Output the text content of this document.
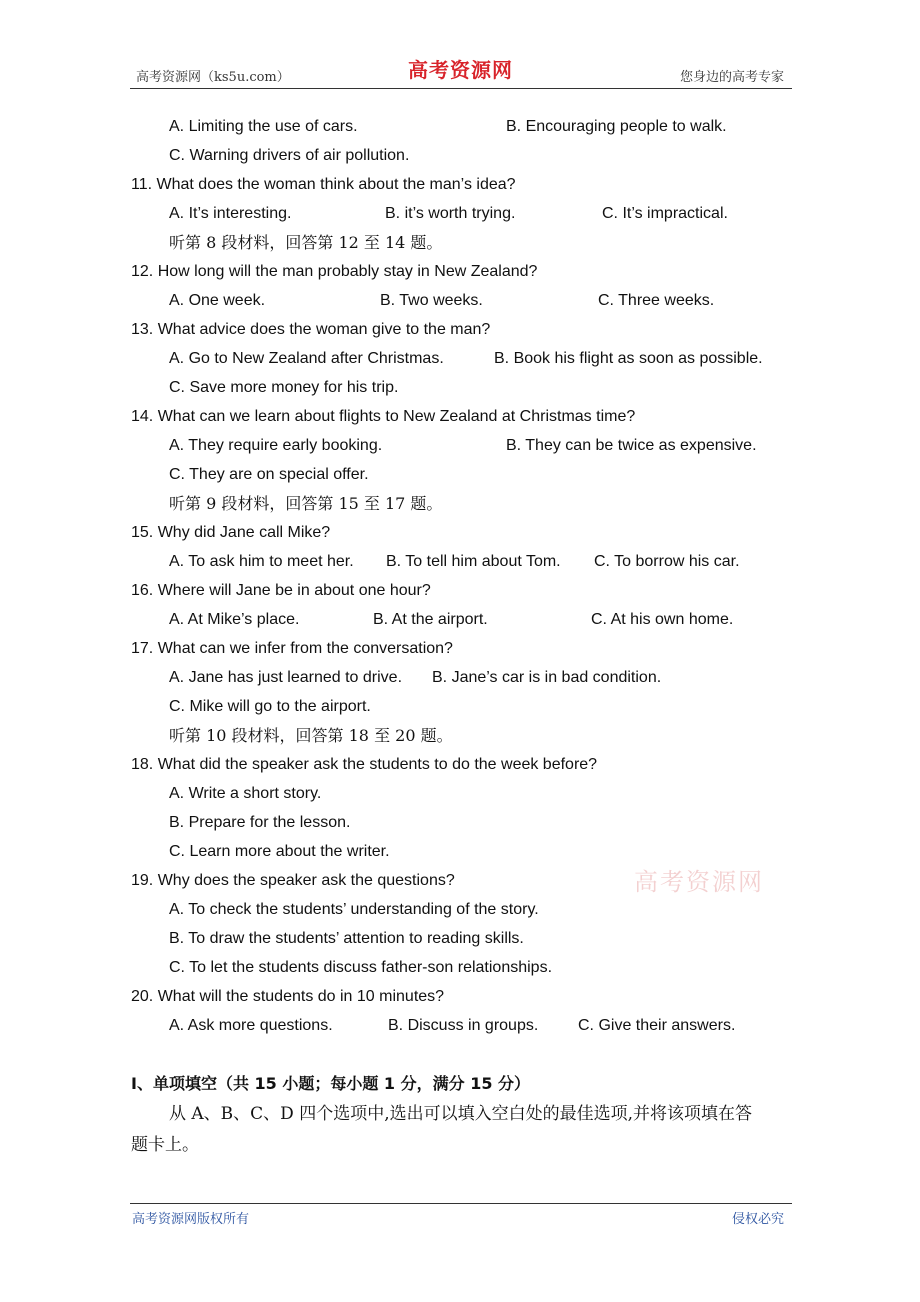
高考资源网（ks5u.com）	高考资源网	您身边的高考专家
A. Limiting the use of cars.	B. Encouraging people to walk.
C. Warning drivers of air pollution.
11. What does the woman think about the man’s idea?
A. It’s interesting.	B. it’s worth trying.	C. It’s impractical.
听第 8 段材料，回答第 12 至 14 题。
12. How long will the man probably stay in New Zealand?
A. One week.	B. Two weeks.	C. Three weeks.
13. What advice does the woman give to the man?
A. Go to New Zealand after Christmas.	B. Book his flight as soon as possible.
C. Save more money for his trip.
14. What can we learn about flights to New Zealand at Christmas time?
A. They require early booking.	B. They can be twice as expensive.
C. They are on special offer.
听第 9 段材料，回答第 15 至 17 题。
15. Why did Jane call Mike?
A. To ask him to meet her. B. To tell him about Tom. C. To borrow his car.
16. Where will Jane be in about one hour?
A. At Mike’s place.	B. At the airport.	C. At his own home.
17. What can we infer from the conversation?
A. Jane has just learned to drive. B. Jane’s car is in bad condition.
C. Mike will go to the airport.
听第 10 段材料，回答第 18 至 20 题。
18. What did the speaker ask the students to do the week before?
A. Write a short story.
B. Prepare for the lesson.
C. Learn more about the writer.
19. Why does the speaker ask the questions?
A. To check the students’ understanding of the story.
B. To draw the students’ attention to reading skills.
C. To let the students discuss father-son relationships.
20. What will the students do in 10 minutes?
A. Ask more questions.	B. Discuss in groups. C. Give their answers.
I、单项填空（共 15 小题；每小题 1 分，满分 15 分）
从 A、B、C、D 四个选项中,选出可以填入空白处的最佳选项,并将该项填在答
题卡上。
高考资源网
高考资源网版权所有	侵权必究
